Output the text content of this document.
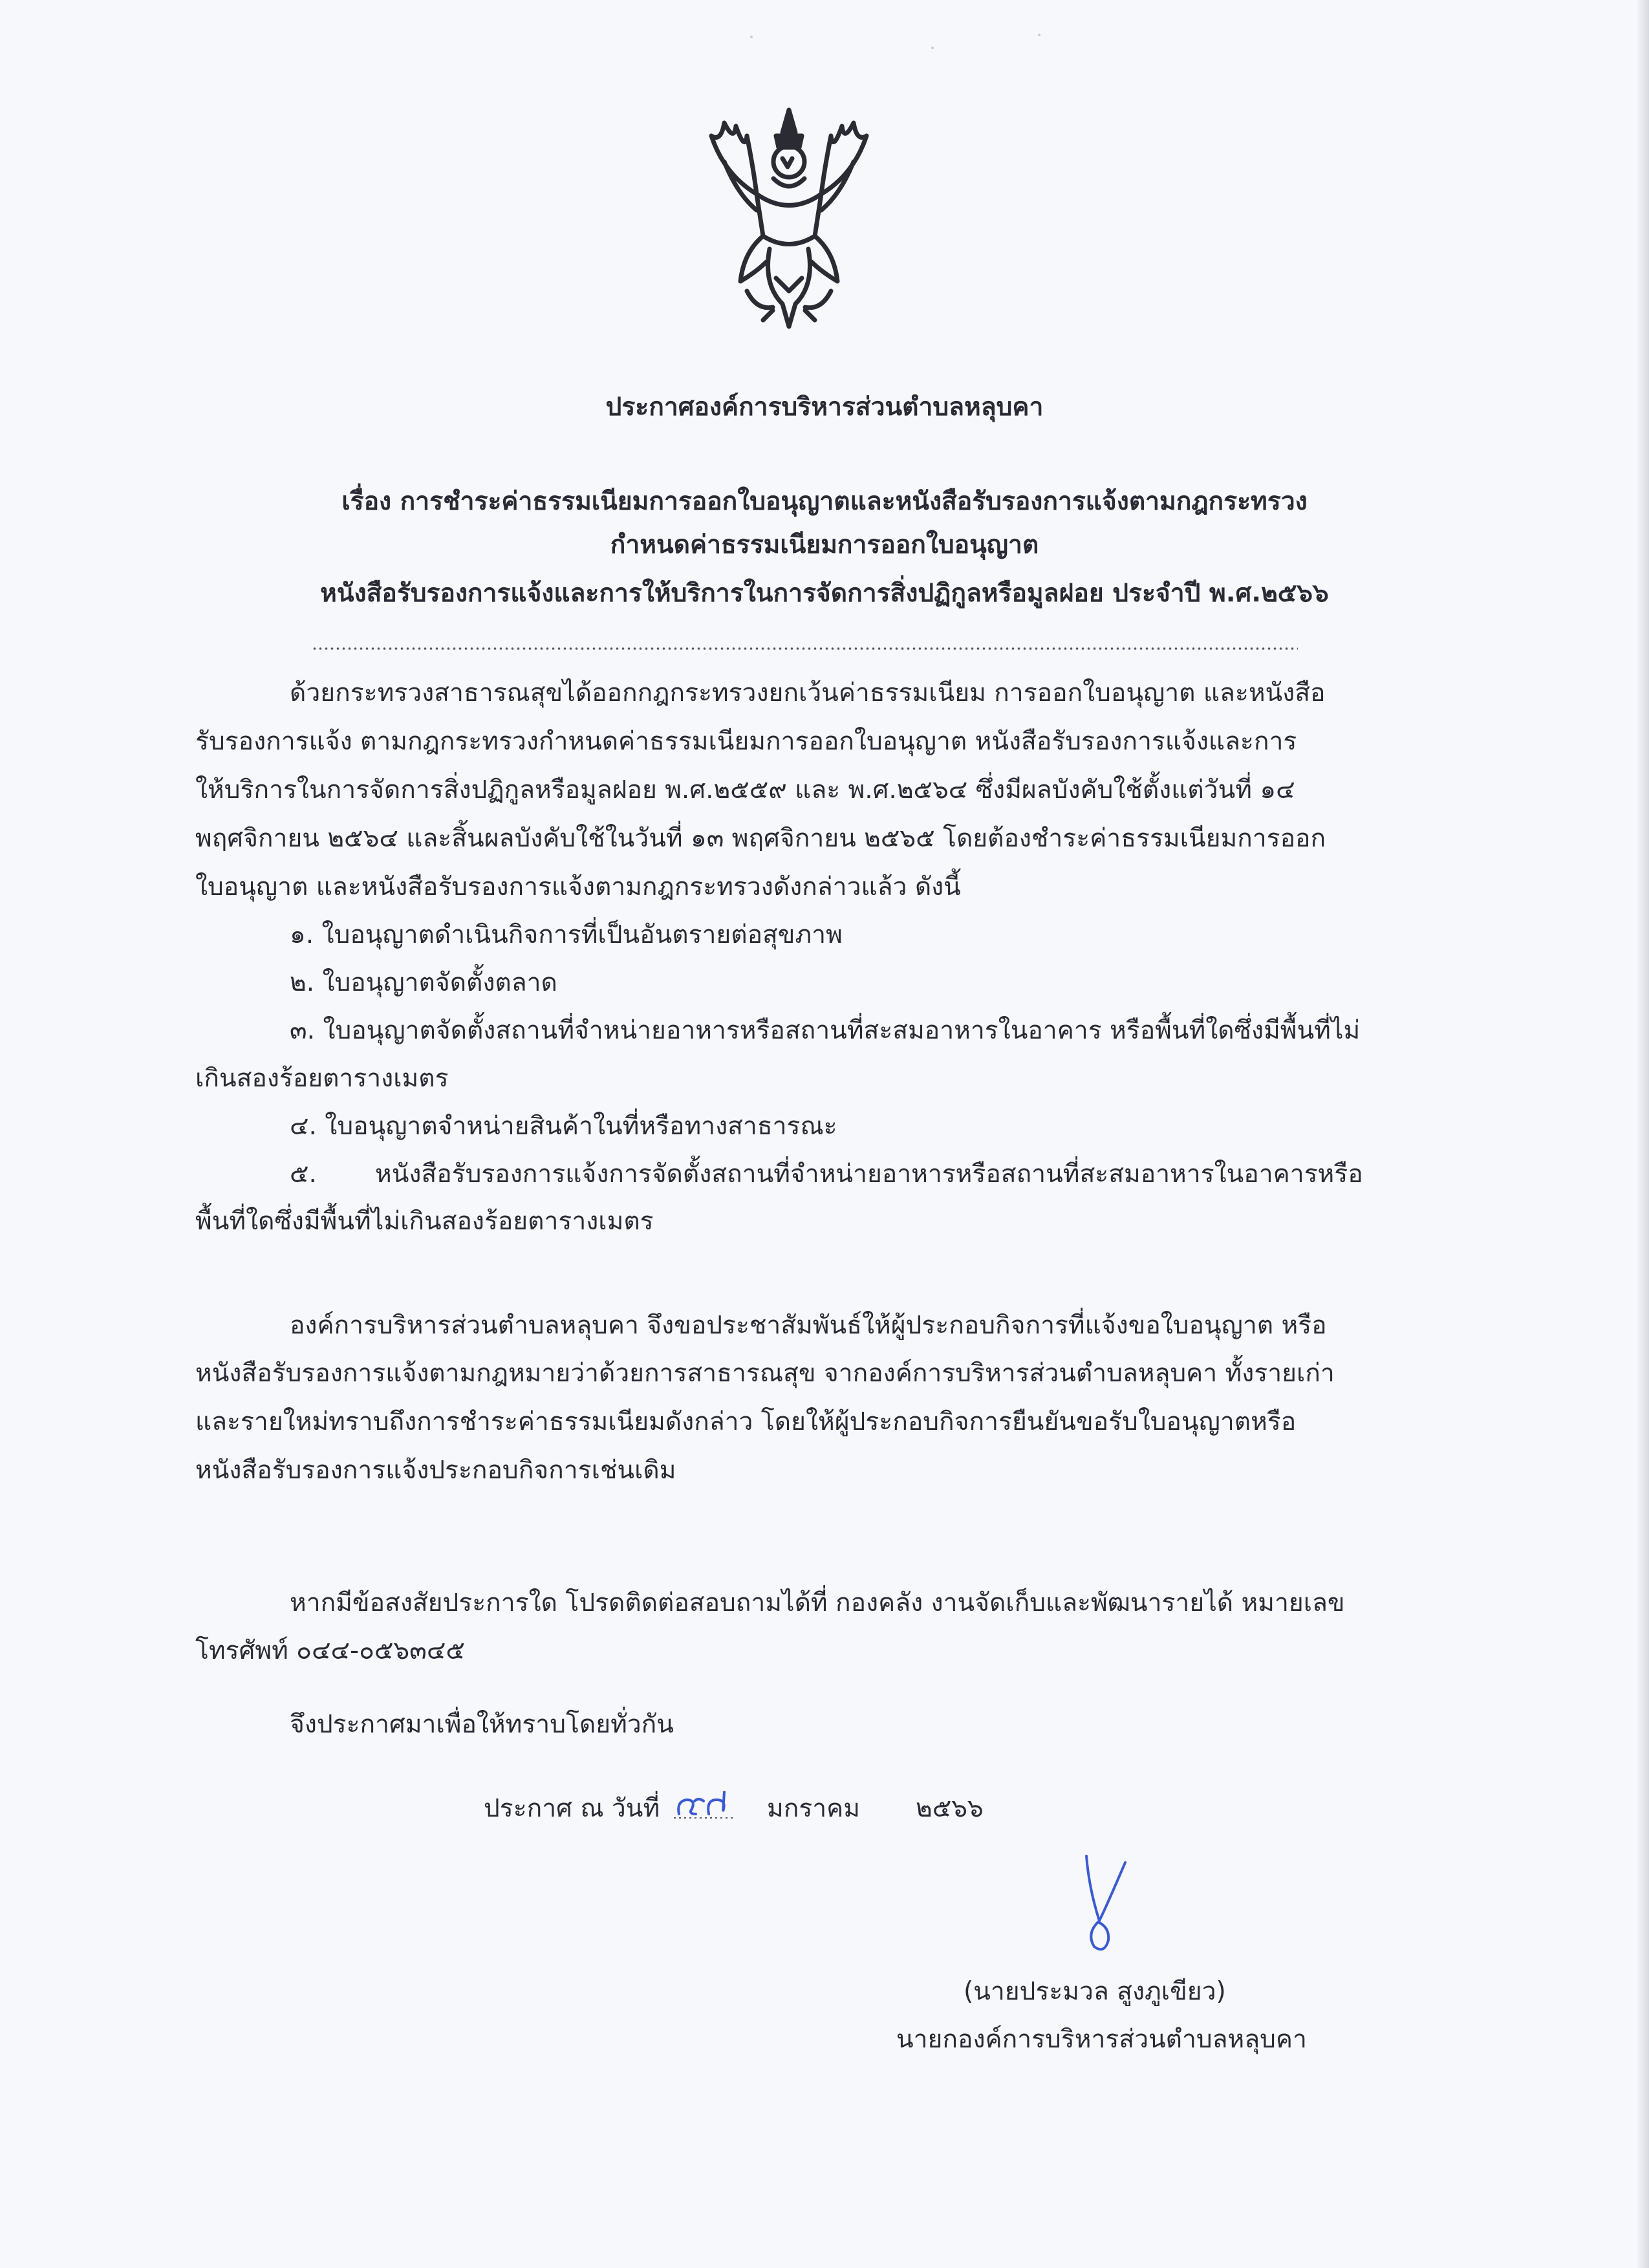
ประกาศองค์การบริหารส่วนตำบลหลุบคา
เรื่อง การชำระค่าธรรมเนียมการออกใบอนุญาตและหนังสือรับรองการแจ้งตามกฎกระทรวง
กำหนดค่าธรรมเนียมการออกใบอนุญาต
หนังสือรับรองการแจ้งและการให้บริการในการจัดการสิ่งปฏิกูลหรือมูลฝอย ประจำปี พ.ศ.๒๕๖๖
ด้วยกระทรวงสาธารณสุขได้ออกกฎกระทรวงยกเว้นค่าธรรมเนียม การออกใบอนุญาต และหนังสือ
รับรองการแจ้ง ตามกฎกระทรวงกำหนดค่าธรรมเนียมการออกใบอนุญาต หนังสือรับรองการแจ้งและการ
ให้บริการในการจัดการสิ่งปฏิกูลหรือมูลฝอย พ.ศ.๒๕๕๙ และ พ.ศ.๒๕๖๔ ซึ่งมีผลบังคับใช้ตั้งแต่วันที่ ๑๔
พฤศจิกายน ๒๕๖๔ และสิ้นผลบังคับใช้ในวันที่ ๑๓ พฤศจิกายน ๒๕๖๕ โดยต้องชำระค่าธรรมเนียมการออก
ใบอนุญาต และหนังสือรับรองการแจ้งตามกฎกระทรวงดังกล่าวแล้ว ดังนี้
๑. ใบอนุญาตดำเนินกิจการที่เป็นอันตรายต่อสุขภาพ
๒. ใบอนุญาตจัดตั้งตลาด
๓. ใบอนุญาตจัดตั้งสถานที่จำหน่ายอาหารหรือสถานที่สะสมอาหารในอาคาร หรือพื้นที่ใดซึ่งมีพื้นที่ไม่
เกินสองร้อยตารางเมตร
๔. ใบอนุญาตจำหน่ายสินค้าในที่หรือทางสาธารณะ
๕. หนังสือรับรองการแจ้งการจัดตั้งสถานที่จำหน่ายอาหารหรือสถานที่สะสมอาหารในอาคารหรือ
พื้นที่ใดซึ่งมีพื้นที่ไม่เกินสองร้อยตารางเมตร
องค์การบริหารส่วนตำบลหลุบคา จึงขอประชาสัมพันธ์ให้ผู้ประกอบกิจการที่แจ้งขอใบอนุญาต หรือ
หนังสือรับรองการแจ้งตามกฎหมายว่าด้วยการสาธารณสุข จากองค์การบริหารส่วนตำบลหลุบคา ทั้งรายเก่า
และรายใหม่ทราบถึงการชำระค่าธรรมเนียมดังกล่าว โดยให้ผู้ประกอบกิจการยืนยันขอรับใบอนุญาตหรือ
หนังสือรับรองการแจ้งประกอบกิจการเช่นเดิม
หากมีข้อสงสัยประการใด โปรดติดต่อสอบถามได้ที่ กองคลัง งานจัดเก็บและพัฒนารายได้ หมายเลข
โทรศัพท์ ๐๔๔-๐๕๖๓๔๕
จึงประกาศมาเพื่อให้ทราบโดยทั่วกัน
ประกาศ ณ วันที่	มกราคม ๒๕๖๖
(นายประมวล สูงภูเขียว)
นายกองค์การบริหารส่วนตำบลหลุบคา
